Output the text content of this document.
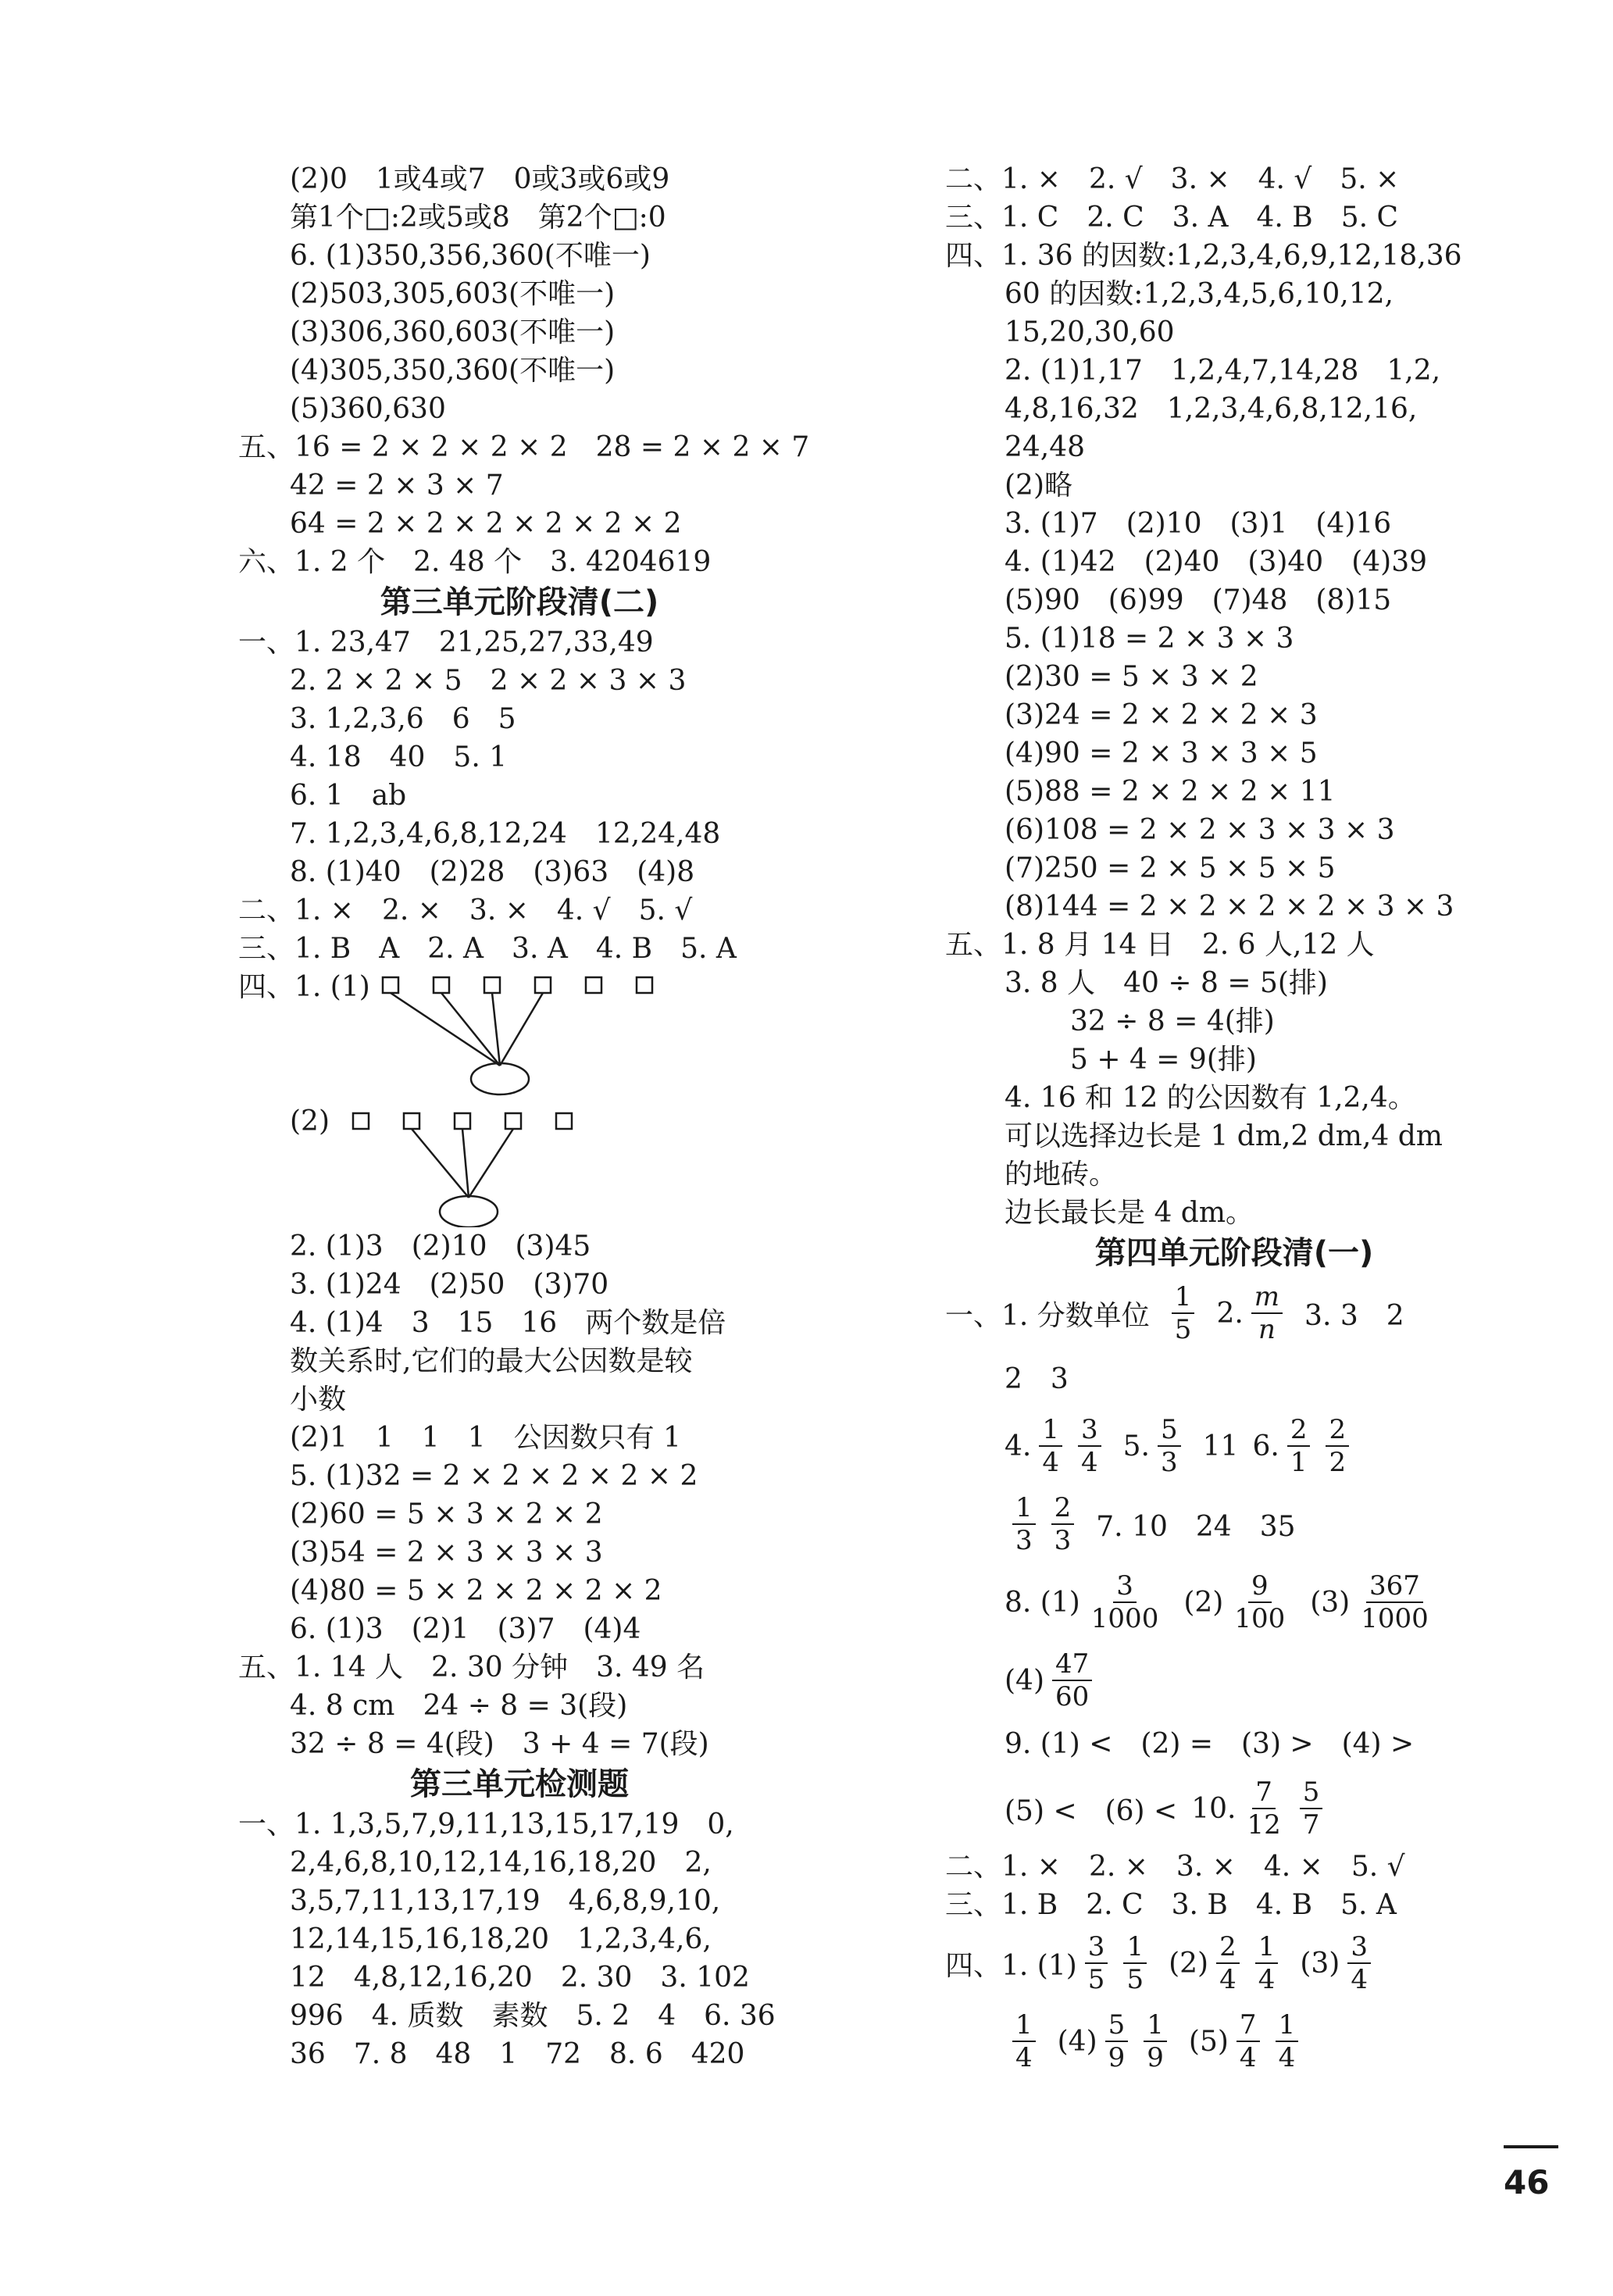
(2)0　1或4或7　0或3或6或9
第1个□:2或5或8　第2个□:0
6. (1)350,356,360(不唯一)
(2)503,305,603(不唯一)
(3)306,360,603(不唯一)
(4)305,350,360(不唯一)
(5)360,630
五、16 = 2 × 2 × 2 × 2　28 = 2 × 2 × 7
42 = 2 × 3 × 7
64 = 2 × 2 × 2 × 2 × 2 × 2
六、1. 2 个　2. 48 个　3. 4204619
第三单元阶段清(二)
一、1. 23,47　21,25,27,33,49
2. 2 × 2 × 5　2 × 2 × 3 × 3
3. 1,2,3,6　6　5
4. 18　40　5. 1
6. 1　ab
7. 1,2,3,4,6,8,12,24　12,24,48
8. (1)40　(2)28　(3)63　(4)8
二、1. ×　2. ×　3. ×　4. √　5. √
三、1. B　A　2. A　3. A　4. B　5. A
四、1. (1)
(2)
2. (1)3　(2)10　(3)45
3. (1)24　(2)50　(3)70
4. (1)4　3　15　16　两个数是倍
数关系时,它们的最大公因数是较
小数
(2)1　1　1　1　公因数只有 1
5. (1)32 = 2 × 2 × 2 × 2 × 2
(2)60 = 5 × 3 × 2 × 2
(3)54 = 2 × 3 × 3 × 3
(4)80 = 5 × 2 × 2 × 2 × 2
6. (1)3　(2)1　(3)7　(4)4
五、1. 14 人　2. 30 分钟　3. 49 名
4. 8 cm　24 ÷ 8 = 3(段)
32 ÷ 8 = 4(段)　3 + 4 = 7(段)
第三单元检测题
一、1. 1,3,5,7,9,11,13,15,17,19　0,
2,4,6,8,10,12,14,16,18,20　2,
3,5,7,11,13,17,19　4,6,8,9,10,
12,14,15,16,18,20　1,2,3,4,6,
12　4,8,12,16,20　2. 30　3. 102
996　4. 质数　素数　5. 2　4　6. 36
36　7. 8　48　1　72　8. 6　420
二、1. ×　2. √　3. ×　4. √　5. ×
三、1. C　2. C　3. A　4. B　5. C
四、1. 36 的因数:1,2,3,4,6,9,12,18,36
60 的因数:1,2,3,4,5,6,10,12,
15,20,30,60
2. (1)1,17　1,2,4,7,14,28　1,2,
4,8,16,32　1,2,3,4,6,8,12,16,
24,48
(2)略
3. (1)7　(2)10　(3)1　(4)16
4. (1)42　(2)40　(3)40　(4)39
(5)90　(6)99　(7)48　(8)15
5. (1)18 = 2 × 3 × 3
(2)30 = 5 × 3 × 2
(3)24 = 2 × 2 × 2 × 3
(4)90 = 2 × 3 × 3 × 5
(5)88 = 2 × 2 × 2 × 11
(6)108 = 2 × 2 × 3 × 3 × 3
(7)250 = 2 × 5 × 5 × 5
(8)144 = 2 × 2 × 2 × 2 × 3 × 3
五、1. 8 月 14 日　2. 6 人,12 人
3. 8 人　40 ÷ 8 = 5(排)
32 ÷ 8 = 4(排)
5 + 4 = 9(排)
4. 16 和 12 的公因数有 1,2,4。
可以选择边长是 1 dm,2 dm,4 dm
的地砖。
边长最长是 4 dm。
第四单元阶段清(一)
一、1. 分数单位 $\frac{1}{5} 2$. $\frac{m}{n} 3$. 3　2
2　3
4. $\frac{1}{4} \frac{3}{4} 5$. $\frac{5}{3} 11$ 6. $\frac{2}{1} \frac{2}{2}$
$\frac{1}{3} \frac{2}{3} 7$. 10　24　35
8. $(1) \frac{3}{1000} (2) \frac{9}{100} (3) \frac{367}{1000}$
$(4) \frac{47}{60}$
9. (1) <　(2) =　(3) >　(4) >
(5) <　(6) < 10. $\frac{7}{12} \frac{5}{7}$
二、1. ×　2. ×　3. ×　4. ×　5. √
三、1. B　2. C　3. B　4. B　5. A
四、1. $(1) \frac{3}{5} \frac{1}{5} (2) \frac{2}{4} \frac{1}{4} (3) \frac{3}{4}$
$\frac{1}{4} (4) \frac{5}{9} \frac{1}{9} (5) \frac{7}{4} \frac{1}{4}$
46
